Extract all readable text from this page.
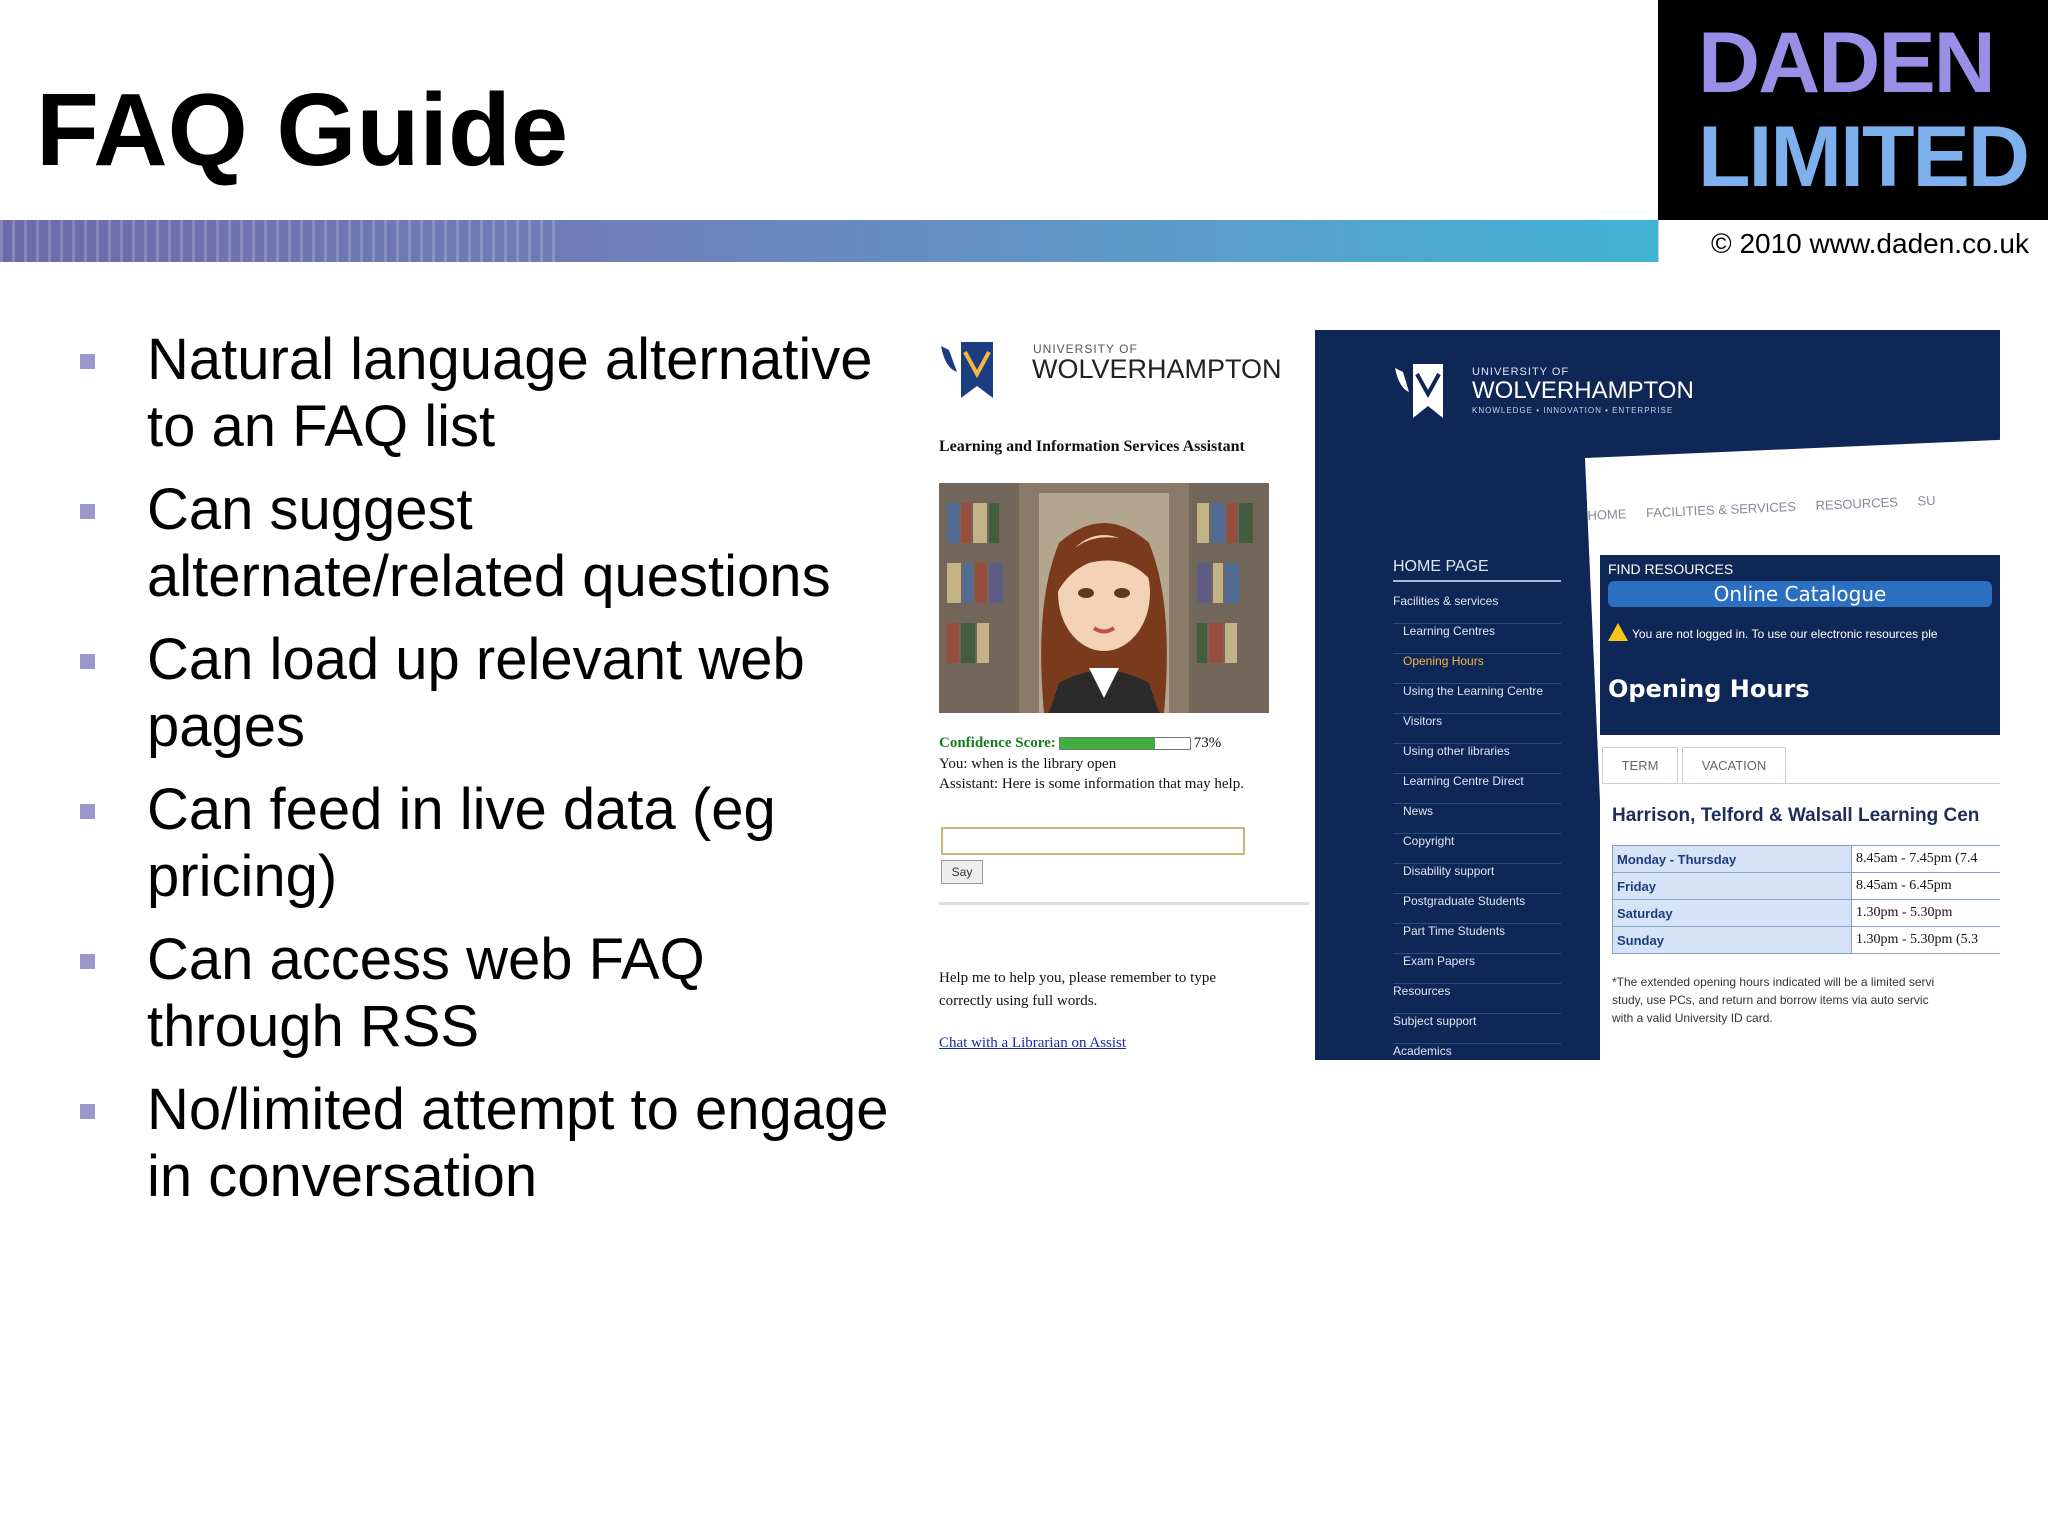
FAQ Guide
DADEN
LIMITED
© 2010 www.daden.co.uk
Natural language alternative to an FAQ list
Can suggest alternate/related questions
Can load up relevant web pages
Can feed in live data (eg pricing)
Can access web FAQ through RSS
No/limited attempt to engage in conversation
UNIVERSITY OF
WOLVERHAMPTON
Learning and Information Services Assistant
Confidence Score:	73%
You: when is the library open
Assistant: Here is some information that may help.
Say
Help me to help you, please remember to type
correctly using full words.
Chat with a Librarian on Assist
UNIVERSITY OF
WOLVERHAMPTON
KNOWLEDGE • INNOVATION • ENTERPRISE
HOME FACILITIES & SERVICES RESOURCES SU
HOME PAGE
Facilities & services
Learning Centres
Opening Hours
Using the Learning Centre
Visitors
Using other libraries
Learning Centre Direct
News
Copyright
Disability support
Postgraduate Students
Part Time Students
Exam Papers
Resources
Subject support
Academics
FIND RESOURCES
Online Catalogue
You are not logged in. To use our electronic resources ple
Opening Hours
TERM	VACATION
Harrison, Telford & Walsall Learning Cen
Monday - Thursday	8.45am - 7.45pm (7.4
Friday	8.45am - 6.45pm
Saturday	1.30pm - 5.30pm
Sunday	1.30pm - 5.30pm (5.3
*The extended opening hours indicated will be a limited servi
study, use PCs, and return and borrow items via auto servic
with a valid University ID card.
